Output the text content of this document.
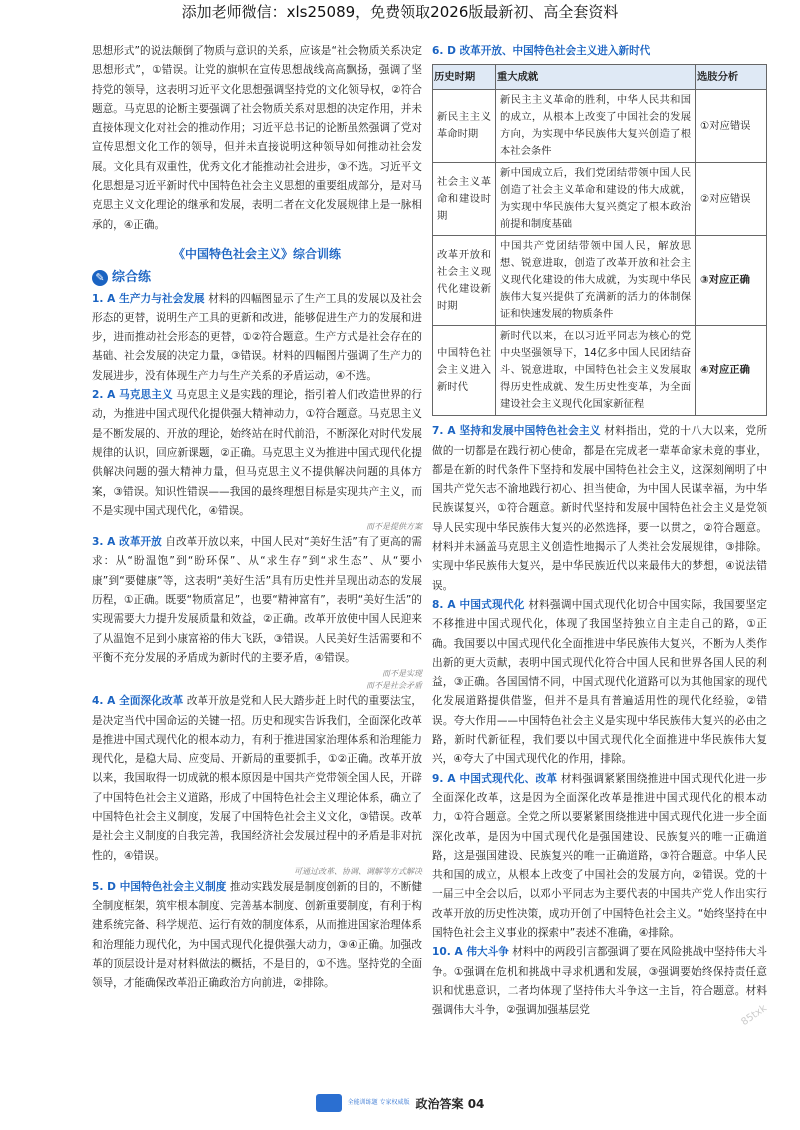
添加老师微信：xls25089，免费领取2026版最新初、高全套资料

思想形式”的说法颠倒了物质与意识的关系，应该是“社会物质关系决定思想形式”，①错误。让党的旗帜在宣传思想战线高高飘扬，强调了坚持党的领导，这表明习近平文化思想强调坚持党的文化领导权，②符合题意。马克思的论断主要强调了社会物质关系对思想的决定作用，并未直接体现文化对社会的推动作用；习近平总书记的论断虽然强调了党对宣传思想文化工作的领导，但并未直接说明这种领导如何推动社会发展。文化具有双重性，优秀文化才能推动社会进步，③不选。习近平文化思想是习近平新时代中国特色社会主义思想的重要组成部分，是对马克思主义文化理论的继承和发展，表明二者在文化发展规律上是一脉相承的，④正确。

《中国特色社会主义》综合训练
✎ 综合练

1. A 生产力与社会发展 材料的四幅图显示了生产工具的发展以及社会形态的更替，说明生产工具的更新和改进，能够促进生产力的发展和进步，进而推动社会形态的更替，①②符合题意。生产方式是社会存在的基础、社会发展的决定力量，③错误。材料的四幅图片强调了生产力的发展进步，没有体现生产力与生产关系的矛盾运动，④不选。

2. A 马克思主义 马克思主义是实践的理论，指引着人们改造世界的行动，为推进中国式现代化提供强大精神动力，①符合题意。马克思主义是不断发展的、开放的理论，始终站在时代前沿，不断深化对时代发展规律的认识，回应新课题，②正确。马克思主义为推进中国式现代化提供解决问题的强大精神力量，但马克思主义不提供解决问题的具体方案，③错误。知识性错误——我国的最终理想目标是实现共产主义，而不是实现中国式现代化，④错误。

而不是提供方案

3. A 改革开放 自改革开放以来，中国人民对“美好生活”有了更高的需求：从“盼温饱”到“盼环保”、从“求生存”到“求生态”、从“要小康”到“要健康”等，这表明“美好生活”具有历史性并呈现出动态的发展历程，①正确。既要“物质富足”，也要“精神富有”，表明“美好生活”的实现需要大力提升发展质量和效益，②正确。改革开放使中国人民迎来了从温饱不足到小康富裕的伟大飞跃，③错误。人民美好生活需要和不平衡不充分发展的矛盾成为新时代的主要矛盾，④错误。

而不是实现
而不是社会矛盾

4. A 全面深化改革 改革开放是党和人民大踏步赶上时代的重要法宝，是决定当代中国命运的关键一招。历史和现实告诉我们，全面深化改革是推进中国式现代化的根本动力，有利于推进国家治理体系和治理能力现代化，是稳大局、应变局、开新局的重要抓手，①②正确。改革开放以来，我国取得一切成就的根本原因是中国共产党带领全国人民，开辟了中国特色社会主义道路，形成了中国特色社会主义理论体系，确立了中国特色社会主义制度，发展了中国特色社会主义文化，③错误。改革是社会主义制度的自我完善，我国经济社会发展过程中的矛盾是非对抗性的，④错误。

可通过改革、协调、调解等方式解决

5. D 中国特色社会主义制度 推动实践发展是制度创新的目的，不断健全制度框架，筑牢根本制度、完善基本制度、创新重要制度，有利于构建系统完备、科学规范、运行有效的制度体系，从而推进国家治理体系和治理能力现代化，为中国式现代化提供强大动力，③④正确。加强改革的顶层设计是对材料做法的概括，不是目的，①不选。坚持党的全面领导，才能确保改革沿正确政治方向前进，②排除。

6. D 改革开放、中国特色社会主义进入新时代
历史时期	重大成就	选肢分析
新民主主义革命时期	新民主主义革命的胜利，中华人民共和国的成立，从根本上改变了中国社会的发展方向，为实现中华民族伟大复兴创造了根本社会条件	①对应错误
社会主义革命和建设时期	新中国成立后，我们党团结带领中国人民创造了社会主义革命和建设的伟大成就，为实现中华民族伟大复兴奠定了根本政治前提和制度基础	②对应错误
改革开放和社会主义现代化建设新时期	中国共产党团结带领中国人民，解放思想、锐意进取，创造了改革开放和社会主义现代化建设的伟大成就，为实现中华民族伟大复兴提供了充满新的活力的体制保证和快速发展的物质条件	③对应正确
中国特色社会主义进入新时代	新时代以来，在以习近平同志为核心的党中央坚强领导下，14亿多中国人民团结奋斗、锐意进取，中国特色社会主义发展取得历史性成就、发生历史性变革，为全面建设社会主义现代化国家新征程	④对应正确

7. A 坚持和发展中国特色社会主义 材料指出，党的十八大以来，党所做的一切都是在践行初心使命，都是在完成老一辈革命家未竟的事业，都是在新的时代条件下坚持和发展中国特色社会主义，这深刻阐明了中国共产党矢志不渝地践行初心、担当使命，为中国人民谋幸福，为中华民族谋复兴，①符合题意。新时代坚持和发展中国特色社会主义是党领导人民实现中华民族伟大复兴的必然选择，要一以贯之，②符合题意。材料并未涵盖马克思主义创造性地揭示了人类社会发展规律，③排除。实现中华民族伟大复兴，是中华民族近代以来最伟大的梦想，④说法错误。

8. A 中国式现代化 材料强调中国式现代化切合中国实际，我国要坚定不移推进中国式现代化，体现了我国坚持独立自主走自己的路，①正确。我国要以中国式现代化全面推进中华民族伟大复兴，不断为人类作出新的更大贡献，表明中国式现代化符合中国人民和世界各国人民的利益，③正确。各国国情不同，中国式现代化道路可以为其他国家的现代化发展道路提供借鉴，但并不是具有普遍适用性的现代化经验，②错误。夸大作用——中国特色社会主义是实现中华民族伟大复兴的必由之路，新时代新征程，我们要以中国式现代化全面推进中华民族伟大复兴，④夸大了中国式现代化的作用，排除。

9. A 中国式现代化、改革 材料强调紧紧围绕推进中国式现代化进一步全面深化改革，这是因为全面深化改革是推进中国式现代化的根本动力，①符合题意。全党之所以要紧紧围绕推进中国式现代化进一步全面深化改革，是因为中国式现代化是强国建设、民族复兴的唯一正确道路，这是强国建设、民族复兴的唯一正确道路，③符合题意。中华人民共和国的成立，从根本上改变了中国社会的发展方向，②错误。党的十一届三中全会以后，以邓小平同志为主要代表的中国共产党人作出实行改革开放的历史性决策，成功开创了中国特色社会主义。“始终坚持在中国特色社会主义事业的探索中”表述不准确，④排除。

10. A 伟大斗争 材料中的两段引言都强调了要在风险挑战中坚持伟大斗争。①强调在危机和挑战中寻求机遇和发展，③强调要始终保持责任意识和忧患意识，二者均体现了坚持伟大斗争这一主旨，符合题意。材料强调伟大斗争，②强调加强基层党	85txk
全能训练题 专家权威版 政治答案 04
